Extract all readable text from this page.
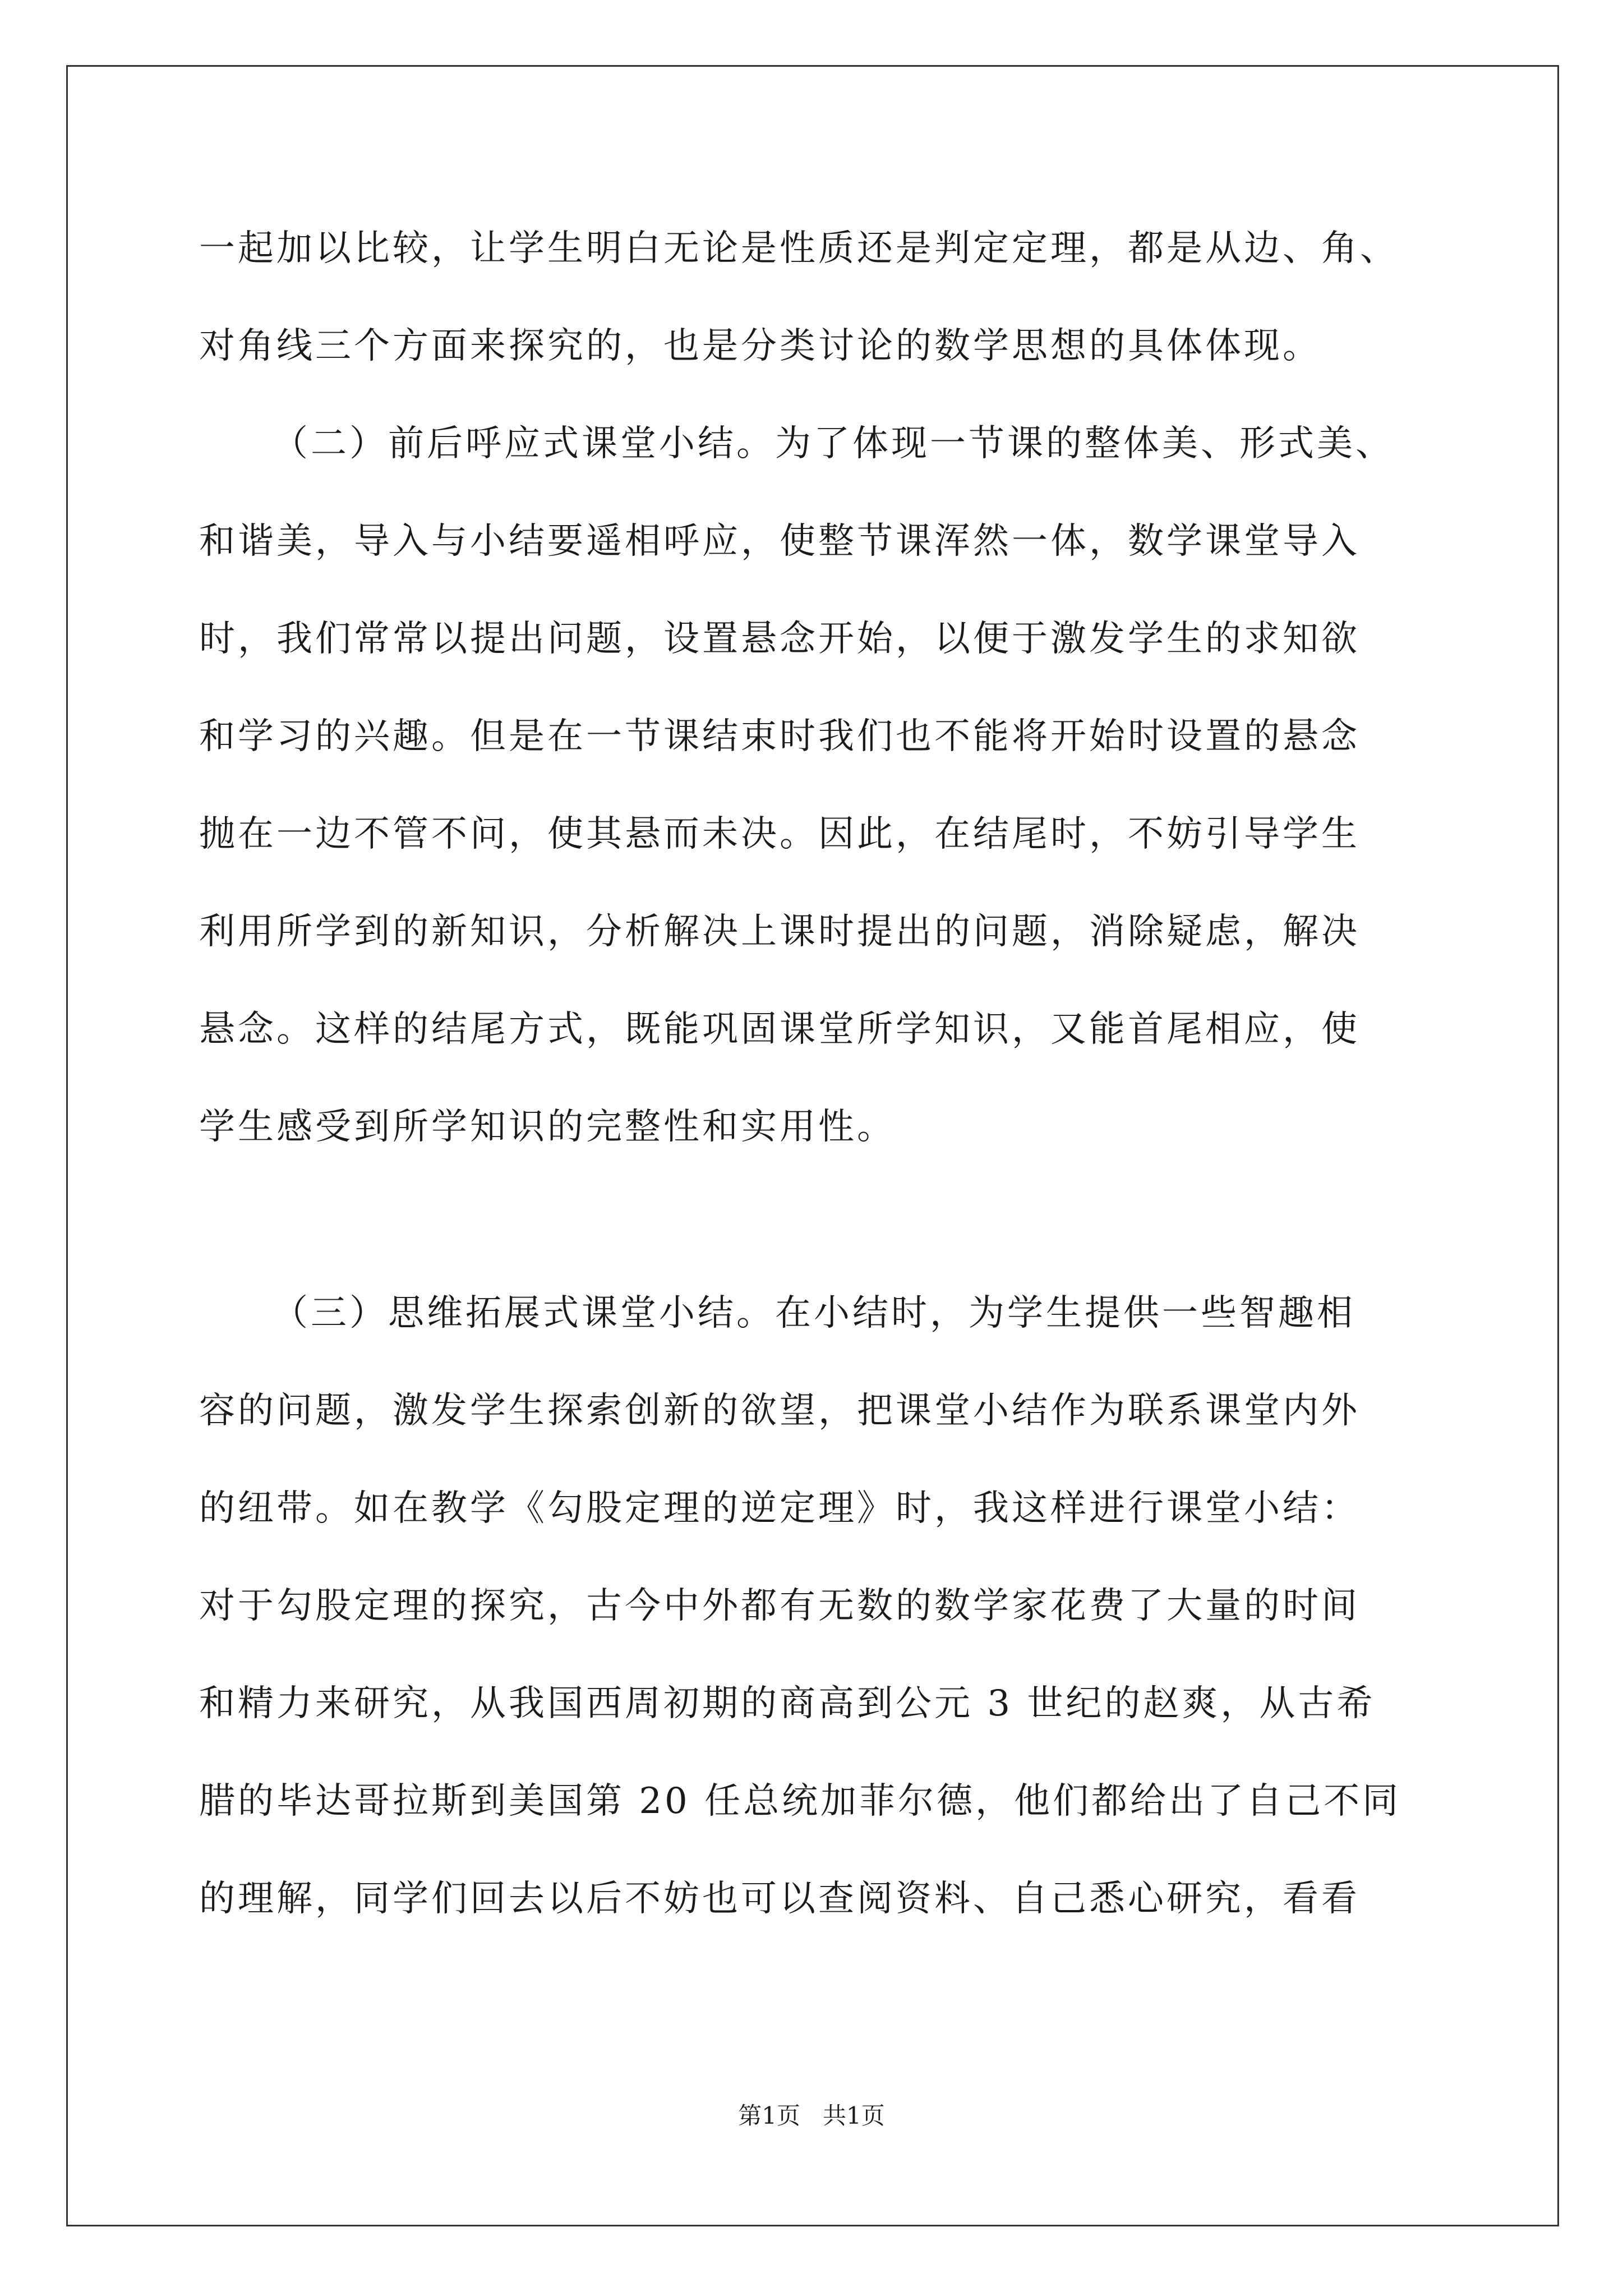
一起加以比较，让学生明白无论是性质还是判定定理，都是从边、角、
对角线三个方面来探究的，也是分类讨论的数学思想的具体体现。
（二）前后呼应式课堂小结。为了体现一节课的整体美、形式美、
和谐美，导入与小结要遥相呼应，使整节课浑然一体，数学课堂导入
时，我们常常以提出问题，设置悬念开始，以便于激发学生的求知欲
和学习的兴趣。但是在一节课结束时我们也不能将开始时设置的悬念
抛在一边不管不问，使其悬而未决。因此，在结尾时，不妨引导学生
利用所学到的新知识，分析解决上课时提出的问题，消除疑虑，解决
悬念。这样的结尾方式，既能巩固课堂所学知识，又能首尾相应，使
学生感受到所学知识的完整性和实用性。
（三）思维拓展式课堂小结。在小结时，为学生提供一些智趣相
容的问题，激发学生探索创新的欲望，把课堂小结作为联系课堂内外
的纽带。如在教学《勾股定理的逆定理》时，我这样进行课堂小结：
对于勾股定理的探究，古今中外都有无数的数学家花费了大量的时间
和精力来研究，从我国西周初期的商高到公元 3 世纪的赵爽，从古希
腊的毕达哥拉斯到美国第 20 任总统加菲尔德，他们都给出了自己不同
的理解，同学们回去以后不妨也可以查阅资料、自己悉心研究，看看
第1页   共1页
